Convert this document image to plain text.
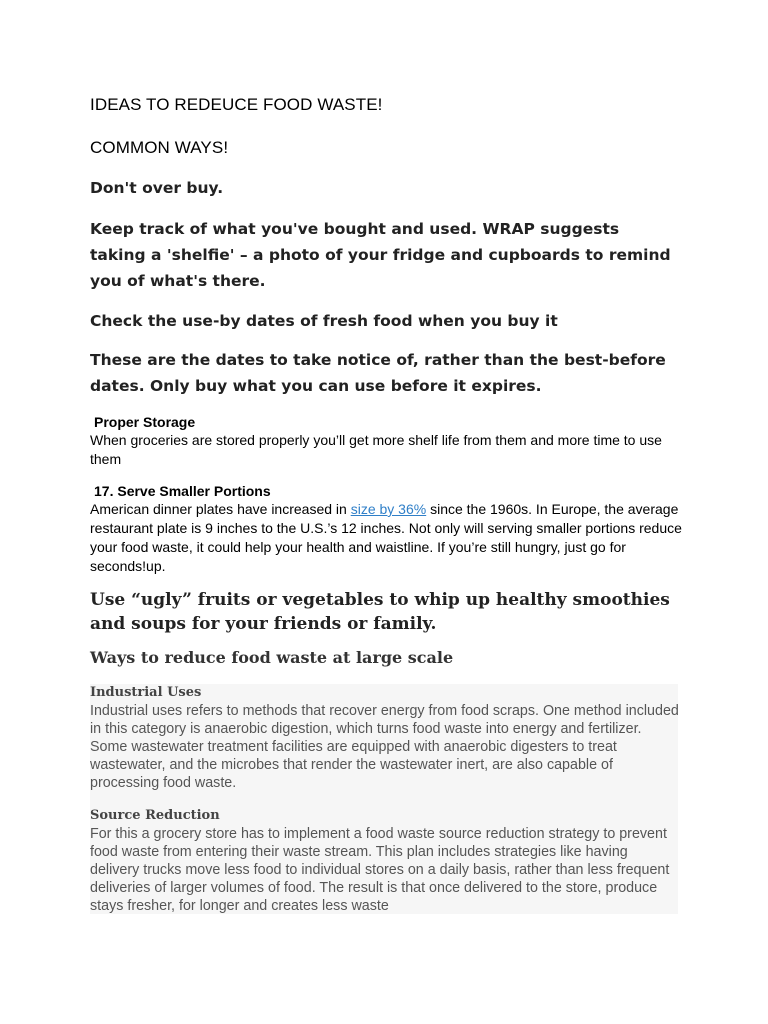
IDEAS TO REDEUCE FOOD WASTE!
COMMON WAYS!

Don't over buy.

Keep track of what you've bought and used. WRAP suggests taking a 'shelfie' – a photo of your fridge and cupboards to remind you of what's there.

Check the use-by dates of fresh food when you buy it

These are the dates to take notice of, rather than the best-before dates. Only buy what you can use before it expires.

Proper Storage

When groceries are stored properly you’ll get more shelf life from them and more time to use them

17. Serve Smaller Portions

American dinner plates have increased in size by 36% since the 1960s. In Europe, the average restaurant plate is 9 inches to the U.S.’s 12 inches. Not only will serving smaller portions reduce your food waste, it could help your health and waistline. If you’re still hungry, just go for seconds!up.

Use “ugly” fruits or vegetables to whip up healthy smoothies and soups for your friends or family.

Ways to reduce food waste at large scale
Industrial Uses

Industrial uses refers to methods that recover energy from food scraps. One method included in this category is anaerobic digestion, which turns food waste into energy and fertilizer. Some wastewater treatment facilities are equipped with anaerobic digesters to treat wastewater, and the microbes that render the wastewater inert, are also capable of processing food waste.

Source Reduction

For this a grocery store has to implement a food waste source reduction strategy to prevent food waste from entering their waste stream. This plan includes strategies like having delivery trucks move less food to individual stores on a daily basis, rather than less frequent deliveries of larger volumes of food. The result is that once delivered to the store, produce stays fresher, for longer and creates less waste
